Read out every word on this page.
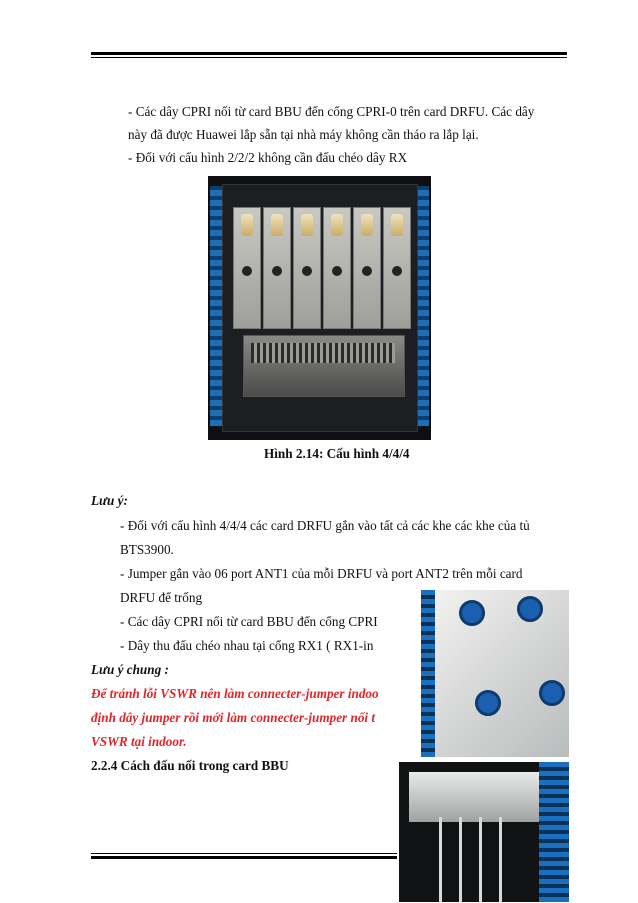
- Các dây CPRI nối từ card BBU đến cổng CPRI-0 trên card DRFU. Các dây
này đã được Huawei lắp sẵn tại nhà máy không cần tháo ra lắp lại.
- Đối với cấu hình 2/2/2 không cần đấu chéo dây RX
Hình 2.14: Cấu hình 4/4/4
Lưu ý:
- Đối với cấu hình 4/4/4 các card DRFU gắn vào tất cả các khe các khe của tủ
BTS3900.
- Jumper gắn vào 06 port ANT1 của mỗi DRFU và port ANT2 trên mỗi card
DRFU để trống
- Các dây CPRI nối từ card BBU đến cổng CPRI
- Dây thu đấu chéo nhau tại cổng RX1 ( RX1-in
Lưu ý chung :
Để tránh lỗi VSWR nên làm connecter-jumper indoo
định dây jumper rồi mới làm connecter-jumper nối t
VSWR tại indoor.
2.2.4 Cách đấu nối trong card BBU
